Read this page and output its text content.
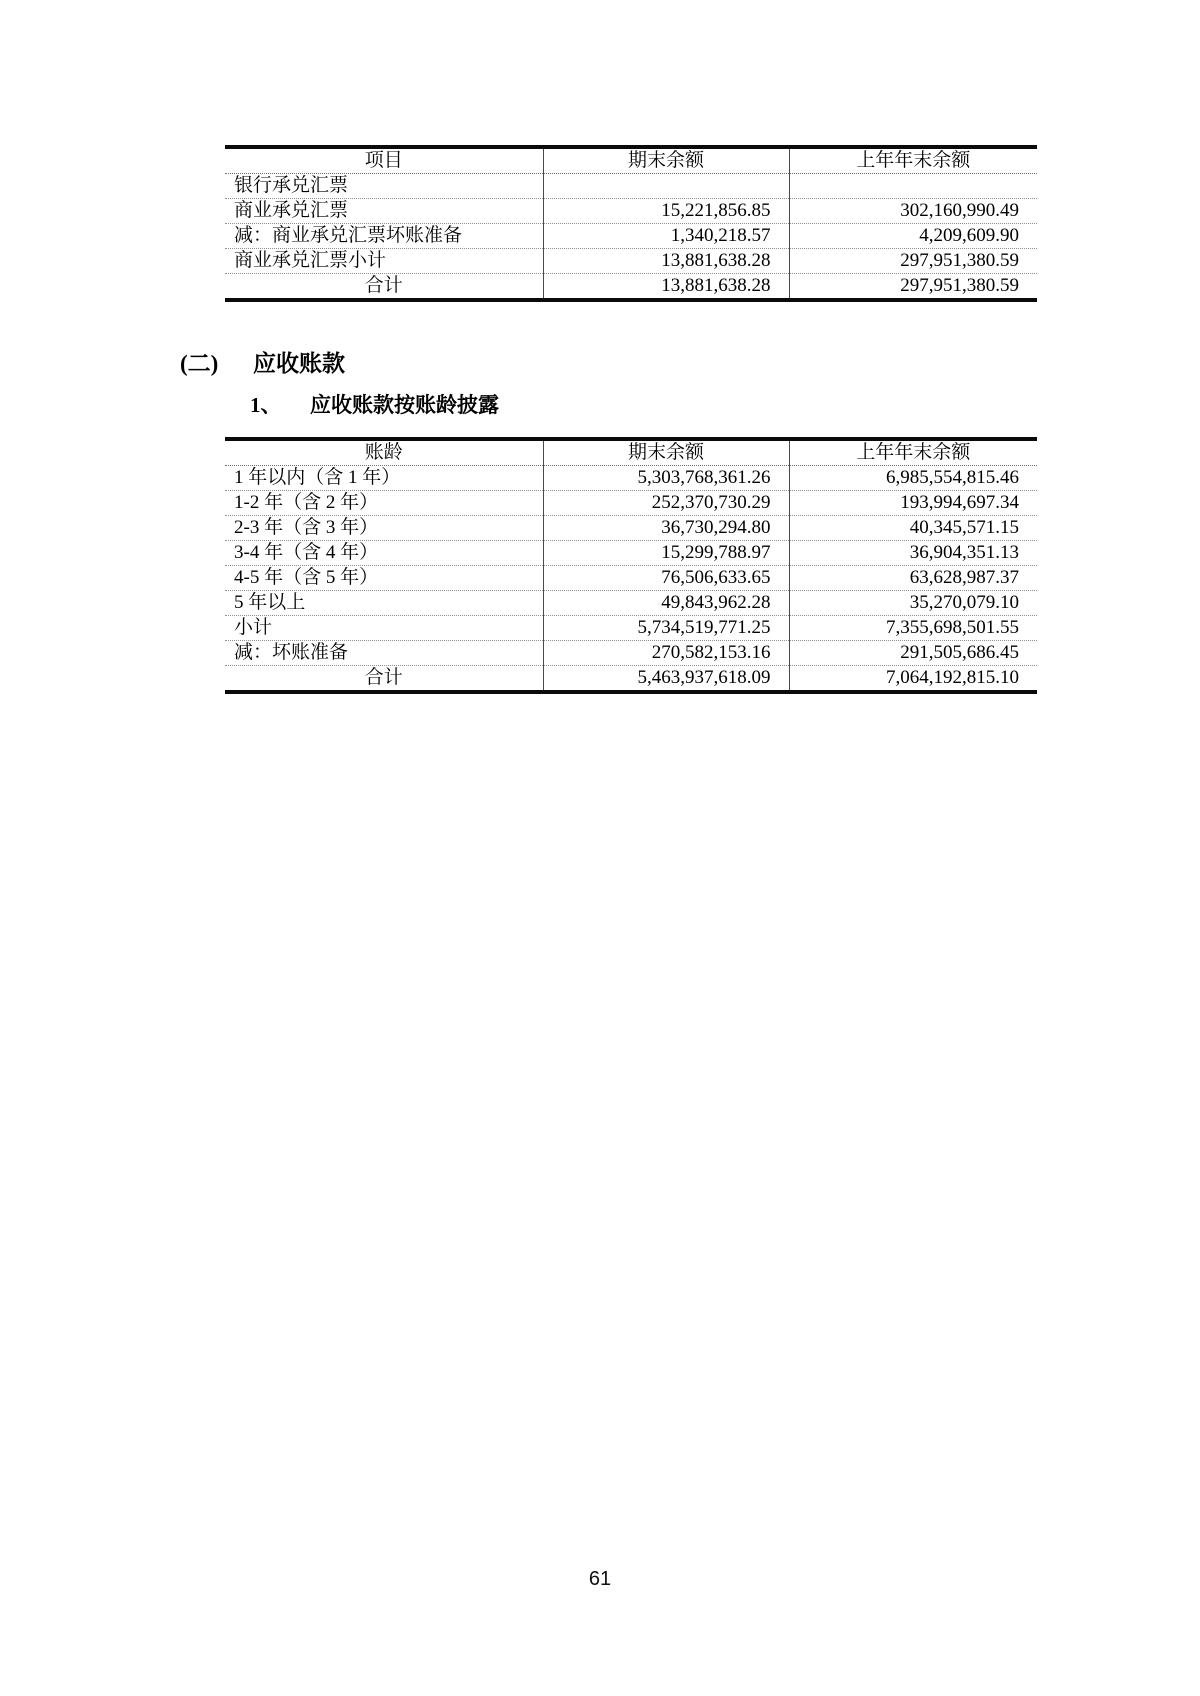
项目	期末余额	上年年末余额
银行承兑汇票		
商业承兑汇票	15,221,856.85	302,160,990.49
减：商业承兑汇票坏账准备	1,340,218.57	4,209,609.90
商业承兑汇票小计	13,881,638.28	297,951,380.59
合计	13,881,638.28	297,951,380.59
(二) 应收账款
1、 应收账款按账龄披露
账龄	期末余额	上年年末余额
1 年以内（含 1 年）	5,303,768,361.26	6,985,554,815.46
1-2 年（含 2 年）	252,370,730.29	193,994,697.34
2-3 年（含 3 年）	36,730,294.80	40,345,571.15
3-4 年（含 4 年）	15,299,788.97	36,904,351.13
4-5 年（含 5 年）	76,506,633.65	63,628,987.37
5 年以上	49,843,962.28	35,270,079.10
小计	5,734,519,771.25	7,355,698,501.55
减：坏账准备	270,582,153.16	291,505,686.45
合计	5,463,937,618.09	7,064,192,815.10
61
